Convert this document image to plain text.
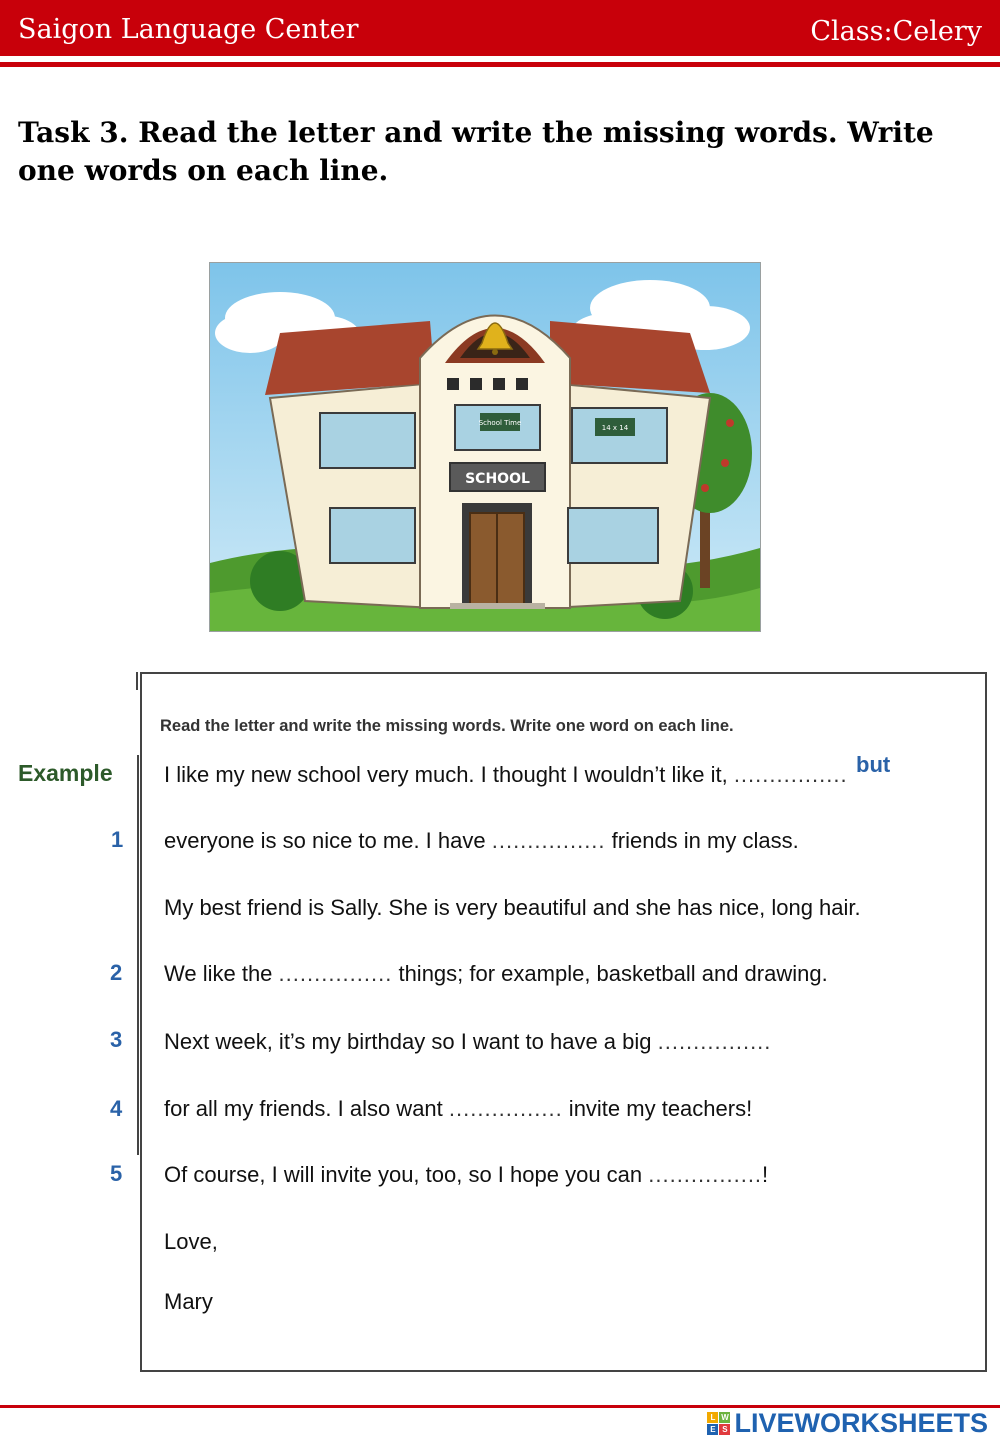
Saigon Language Center	Class:Celery
Task 3. Read the letter and write the missing words. Write one words on each line.
School Time
14 x 14
SCHOOL
Read the letter and write the missing words. Write one word on each line.
Example	but
I like my new school very much. I thought I wouldn’t like it, ................
1 everyone is so nice to me. I have ................ friends in my class.
My best friend is Sally. She is very beautiful and she has nice, long hair.
2 We like the ................ things; for example, basketball and drawing.
3 Next week, it’s my birthday so I want to have a big ................
4 for all my friends. I also want ................ invite my teachers!
5 Of course, I will invite you, too, so I hope you can ................!
Love,
Mary
L W
E S LIVEWORKSHEETS
